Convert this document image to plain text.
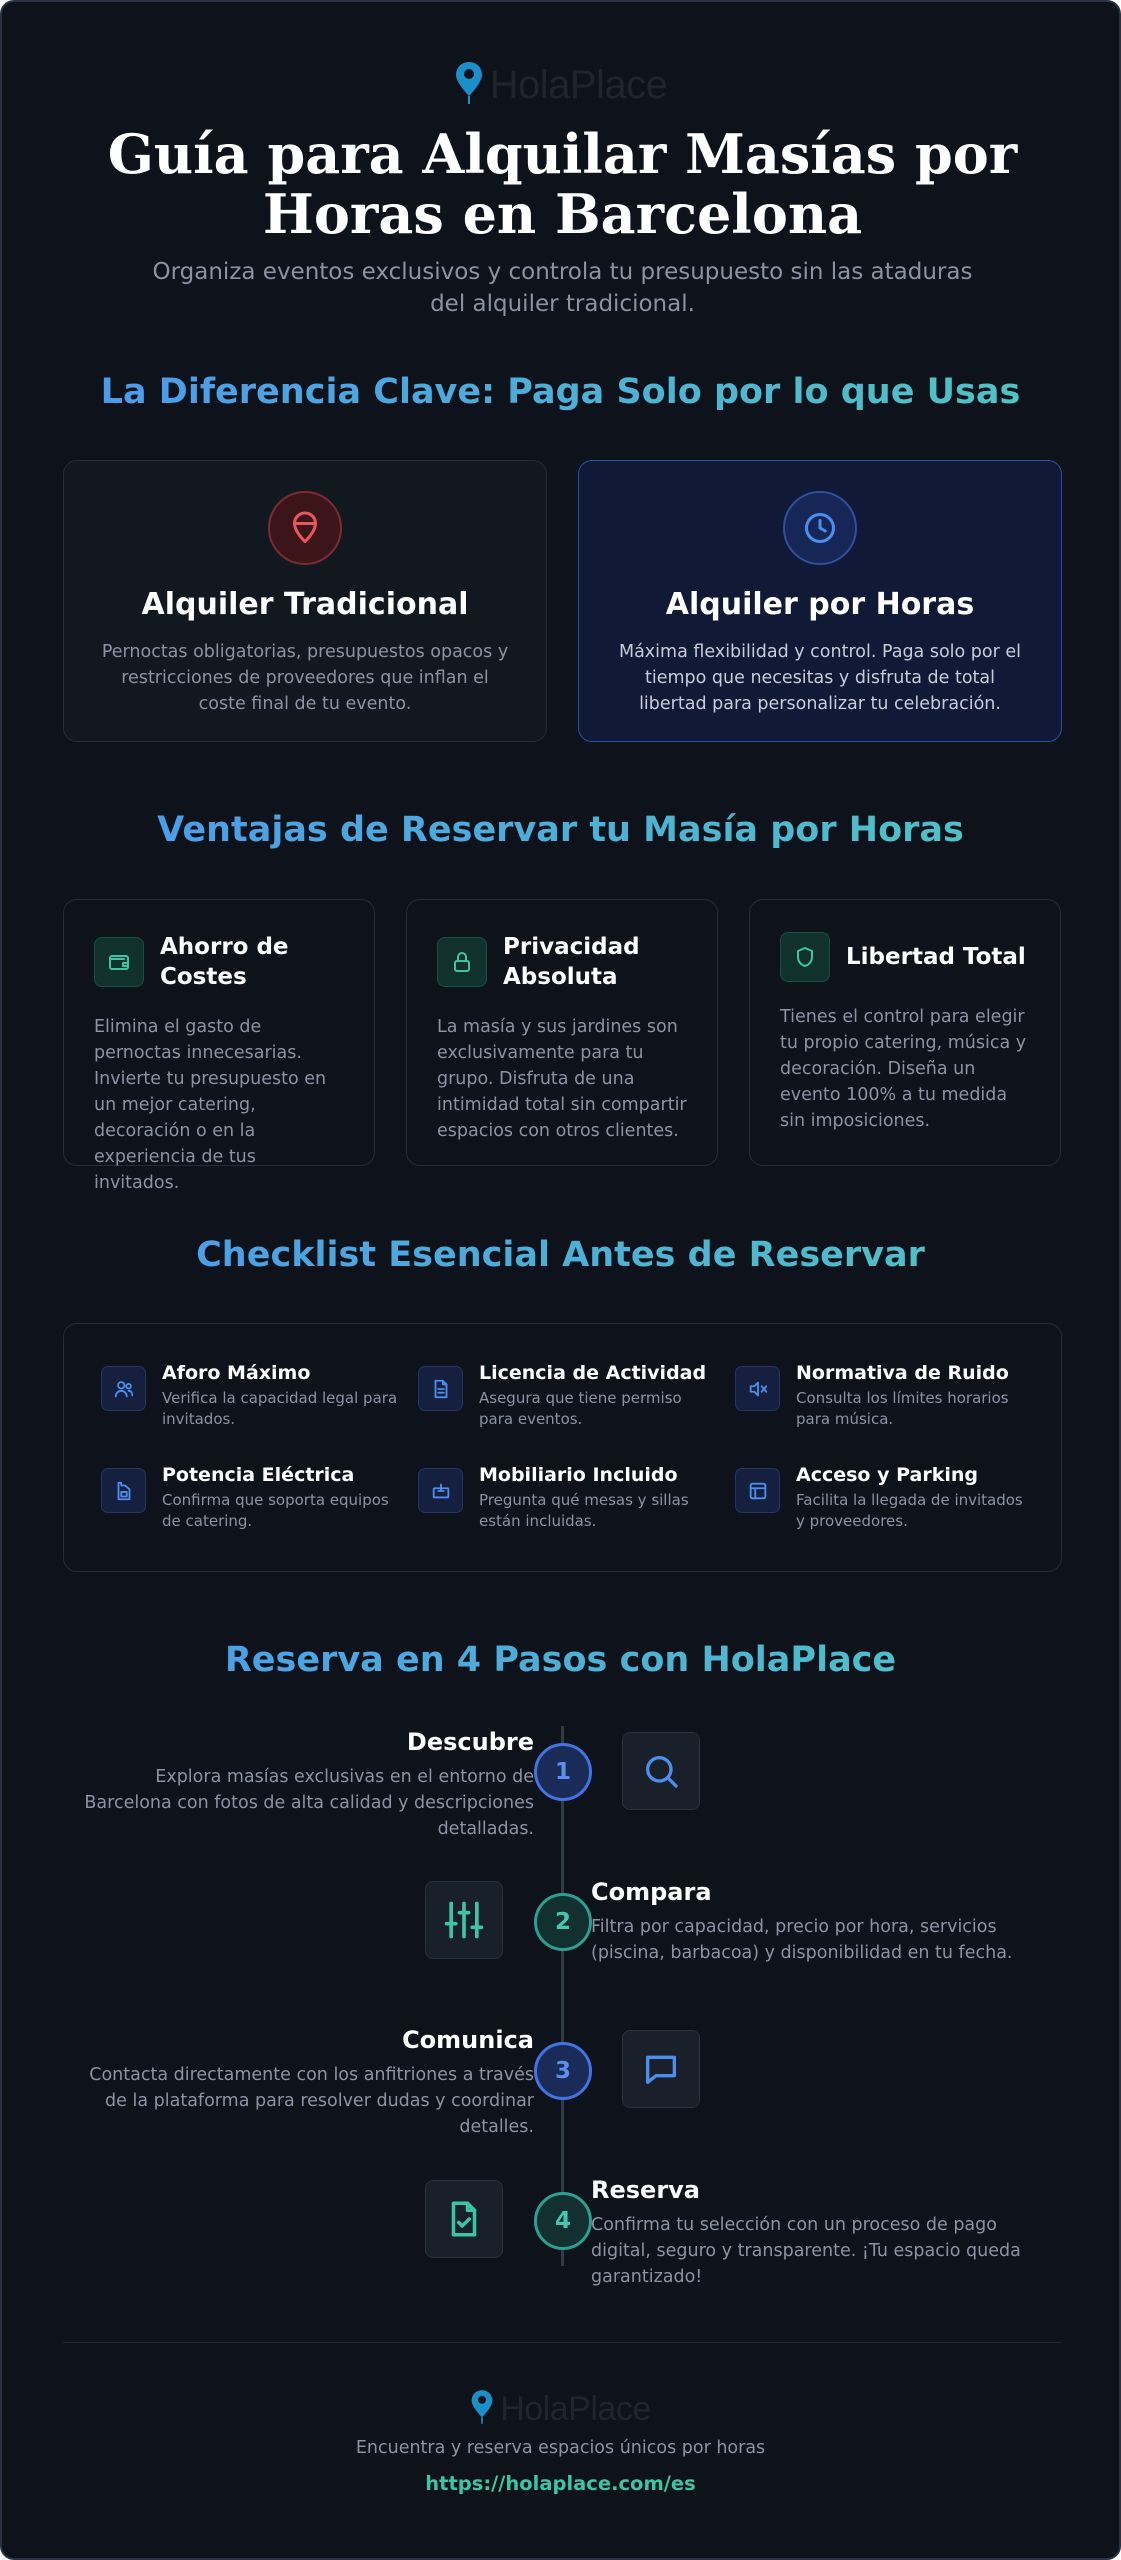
HolaPlace
Guía para Alquilar Masías por
Horas en Barcelona
Organiza eventos exclusivos y controla tu presupuesto sin las ataduras del alquiler tradicional.
La Diferencia Clave: Paga Solo por lo que Usas
Alquiler Tradicional
Pernoctas obligatorias, presupuestos opacos y restricciones de proveedores que inflan el coste final de tu evento.
Alquiler por Horas
Máxima flexibilidad y control. Paga solo por el tiempo que necesitas y disfruta de total libertad para personalizar tu celebración.
Ventajas de Reservar tu Masía por Horas
Ahorro de Costes
Elimina el gasto de pernoctas innecesarias. Invierte tu presupuesto en un mejor catering, decoración o en la experiencia de tus invitados.
Privacidad Absoluta
La masía y sus jardines son exclusivamente para tu grupo. Disfruta de una intimidad total sin compartir espacios con otros clientes.
Libertad Total
Tienes el control para elegir tu propio catering, música y decoración. Diseña un evento 100% a tu medida sin imposiciones.
Checklist Esencial Antes de Reservar
Aforo Máximo
Verifica la capacidad legal para invitados.
Licencia de Actividad
Asegura que tiene permiso para eventos.
Normativa de Ruido
Consulta los límites horarios para música.
Potencia Eléctrica
Confirma que soporta equipos de catering.
Mobiliario Incluido
Pregunta qué mesas y sillas están incluidas.
Acceso y Parking
Facilita la llegada de invitados y proveedores.
Reserva en 4 Pasos con HolaPlace
Descubre
Explora masías exclusivas en el entorno de Barcelona con fotos de alta calidad y descripciones detalladas.
1
2
Compara
Filtra por capacidad, precio por hora, servicios (piscina, barbacoa) y disponibilidad en tu fecha.
Comunica
Contacta directamente con los anfitriones a través de la plataforma para resolver dudas y coordinar detalles.
3
4
Reserva
Confirma tu selección con un proceso de pago digital, seguro y transparente. ¡Tu espacio queda garantizado!
HolaPlace
Encuentra y reserva espacios únicos por horas
https://holaplace.com/es
